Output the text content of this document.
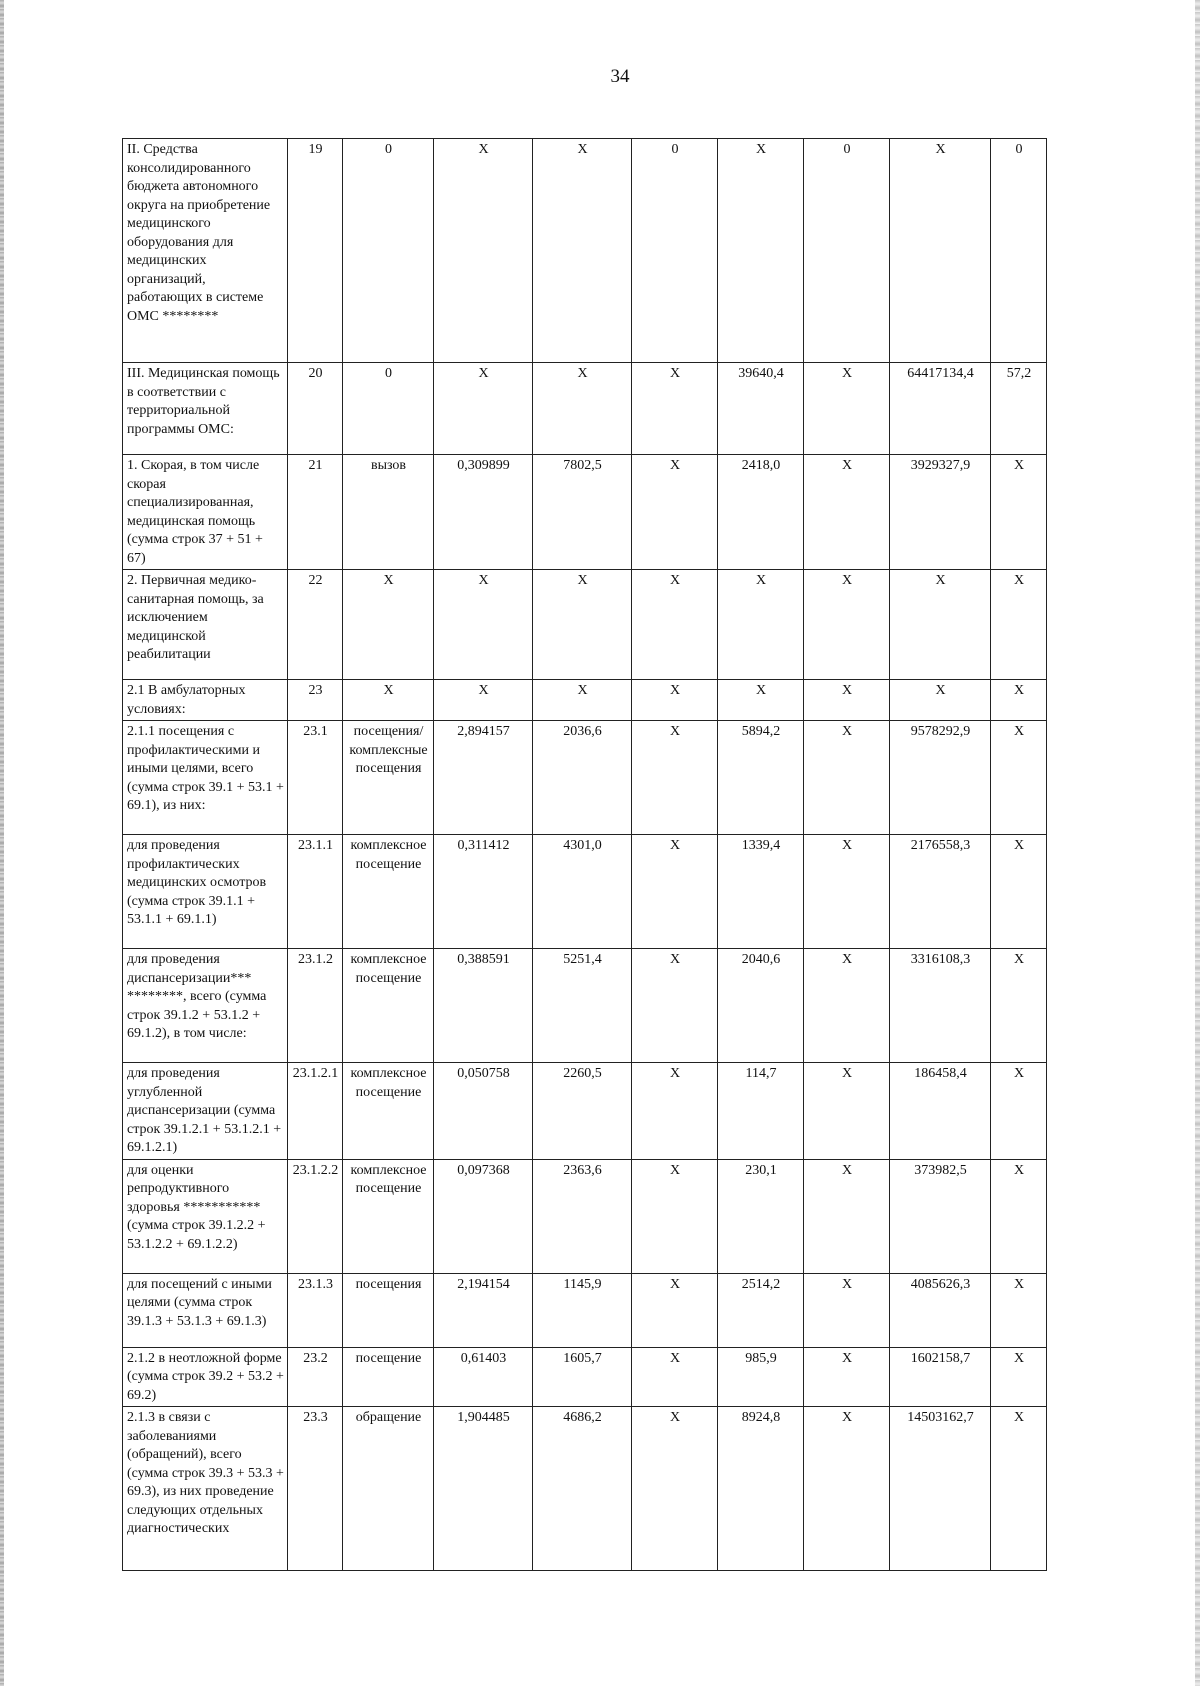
34
II. Средства консолидированного бюджета автономного округа на приобретение медицинского оборудования для медицинских организаций, работающих в системе ОМС ********	19	0	X	X	0	X	0	X	0
III. Медицинская помощь в соответствии с территориальной программы ОМС:	20	0	X	X	X	39640,4	X	64417134,4	57,2
1. Скорая, в том числе скорая специализированная, медицинская помощь (сумма строк 37 + 51 + 67)	21	вызов	0,309899	7802,5	X	2418,0	X	3929327,9	X
2. Первичная медико-санитарная помощь, за исключением медицинской реабилитации	22	X	X	X	X	X	X	X	X
2.1 В амбулаторных условиях:	23	X	X	X	X	X	X	X	X
2.1.1 посещения с профилактическими и иными целями, всего (сумма строк 39.1 + 53.1 + 69.1), из них:	23.1	посещения/комплексные посещения	2,894157	2036,6	X	5894,2	X	9578292,9	X
для проведения профилактических медицинских осмотров (сумма строк 39.1.1 + 53.1.1 + 69.1.1)	23.1.1	комплексное посещение	0,311412	4301,0	X	1339,4	X	2176558,3	X
для проведения диспансеризации*** ********, всего (сумма строк 39.1.2 + 53.1.2 + 69.1.2), в том числе:	23.1.2	комплексное посещение	0,388591	5251,4	X	2040,6	X	3316108,3	X
для проведения углубленной диспансеризации (сумма строк 39.1.2.1 + 53.1.2.1 + 69.1.2.1)	23.1.2.1	комплексное посещение	0,050758	2260,5	X	114,7	X	186458,4	X
для оценки репродуктивного здоровья *********** (сумма строк 39.1.2.2 + 53.1.2.2 + 69.1.2.2)	23.1.2.2	комплексное посещение	0,097368	2363,6	X	230,1	X	373982,5	X
для посещений с иными целями (сумма строк 39.1.3 + 53.1.3 + 69.1.3)	23.1.3	посещения	2,194154	1145,9	X	2514,2	X	4085626,3	X
2.1.2 в неотложной форме (сумма строк 39.2 + 53.2 + 69.2)	23.2	посещение	0,61403	1605,7	X	985,9	X	1602158,7	X
2.1.3 в связи с заболеваниями (обращений), всего (сумма строк 39.3 + 53.3 + 69.3), из них проведение следующих отдельных диагностических	23.3	обращение	1,904485	4686,2	X	8924,8	X	14503162,7	X
